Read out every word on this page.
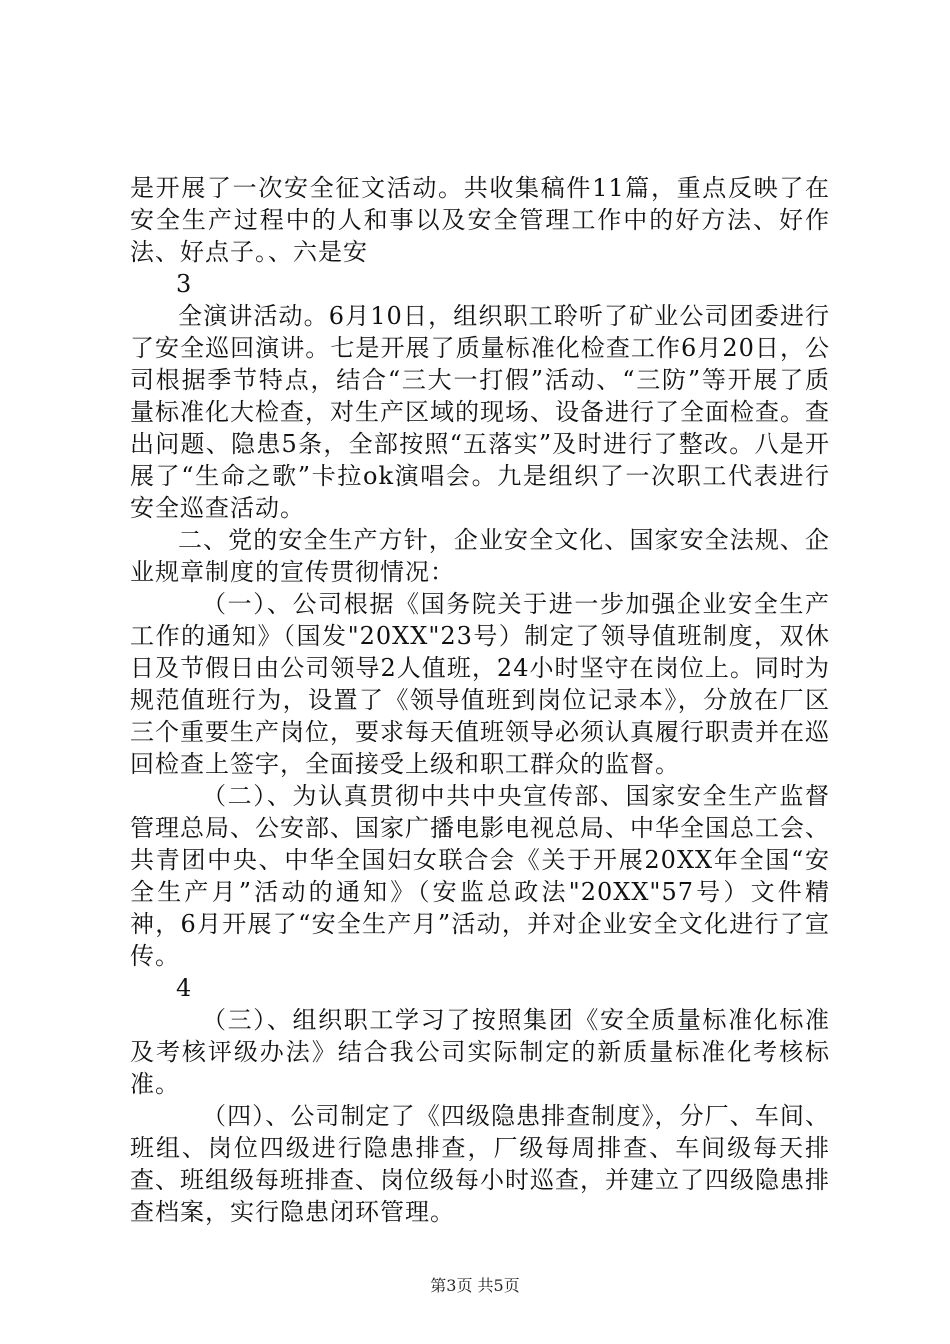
是开展了一次安全征文活动。共收集稿件11篇，重点反映了在安全生产过程中的人和事以及安全管理工作中的好方法、好作法、好点子。、六是安

3

全演讲活动。6月10日，组织职工聆听了矿业公司团委进行了安全巡回演讲。七是开展了质量标准化检查工作6月20日，公司根据季节特点，结合“三大一打假”活动、“三防”等开展了质量标准化大检查，对生产区域的现场、设备进行了全面检查。查出问题、隐患5条，全部按照“五落实”及时进行了整改。八是开展了“生命之歌”卡拉ok演唱会。九是组织了一次职工代表进行安全巡查活动。

二、党的安全生产方针，企业安全文化、国家安全法规、企业规章制度的宣传贯彻情况：

（一）、公司根据《国务院关于进一步加强企业安全生产工作的通知》（国发"20XX"23号）制定了领导值班制度，双休日及节假日由公司领导2人值班，24小时坚守在岗位上。同时为规范值班行为，设置了《领导值班到岗位记录本》，分放在厂区三个重要生产岗位，要求每天值班领导必须认真履行职责并在巡回检查上签字，全面接受上级和职工群众的监督。

（二）、为认真贯彻中共中央宣传部、国家安全生产监督管理总局、公安部、国家广播电影电视总局、中华全国总工会、共青团中央、中华全国妇女联合会《关于开展20XX年全国“安全生产月”活动的通知》（安监总政法"20XX"57号）文件精神，6月开展了“安全生产月”活动，并对企业安全文化进行了宣传。

4

（三）、组织职工学习了按照集团《安全质量标准化标准及考核评级办法》结合我公司实际制定的新质量标准化考核标准。

（四）、公司制定了《四级隐患排查制度》，分厂、车间、班组、岗位四级进行隐患排查，厂级每周排查、车间级每天排查、班组级每班排查、岗位级每小时巡查，并建立了四级隐患排查档案，实行隐患闭环管理。

第3页 共5页
